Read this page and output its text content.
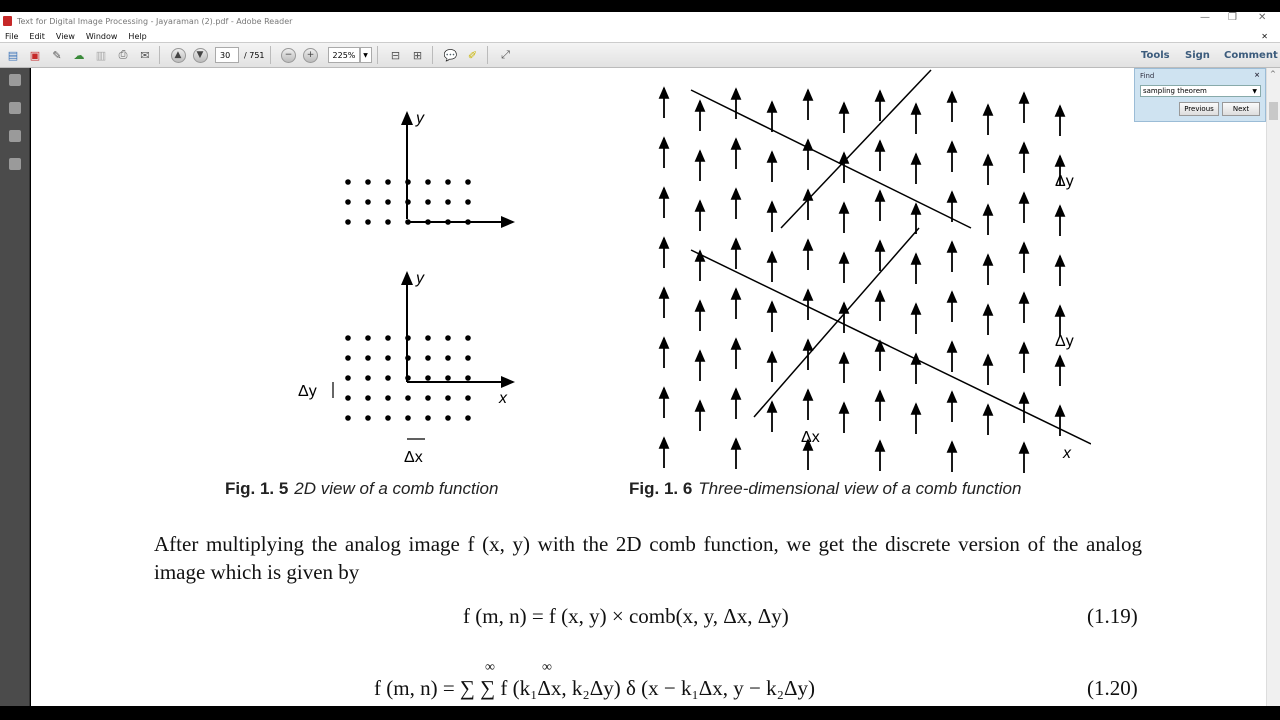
Text for Digital Image Processing - Jayaraman (2).pdf - Adobe Reader	— ❐ ✕
File Edit View Window Help	✕
▤	▣	✎	☁	▥	⎙	✉	▲	▼	30	/ 751	−	+	225%	▼	⊟	⊞	💬 ✐	⤢	Tools Sign Comment
y
y
x
Δy
Δx	x
Δy
Δy
Δx
Fig. 1. 5 2D view of a comb function	Fig. 1. 6 Three-dimensional view of a comb function
After multiplying the analog image f (x, y) with the 2D comb function, we get the discrete version of the analog image which is given by
f (m, n) = f (x, y) × comb(x, y, Δx, Δy)	(1.19)
∞	∞
f (m, n) = ∑ ∑ f (k₁Δx, k₂Δy) δ (x − k₁Δx, y − k₂Δy)	(1.20)
Find	×
sampling theorem	▼
Previous	Next
^
